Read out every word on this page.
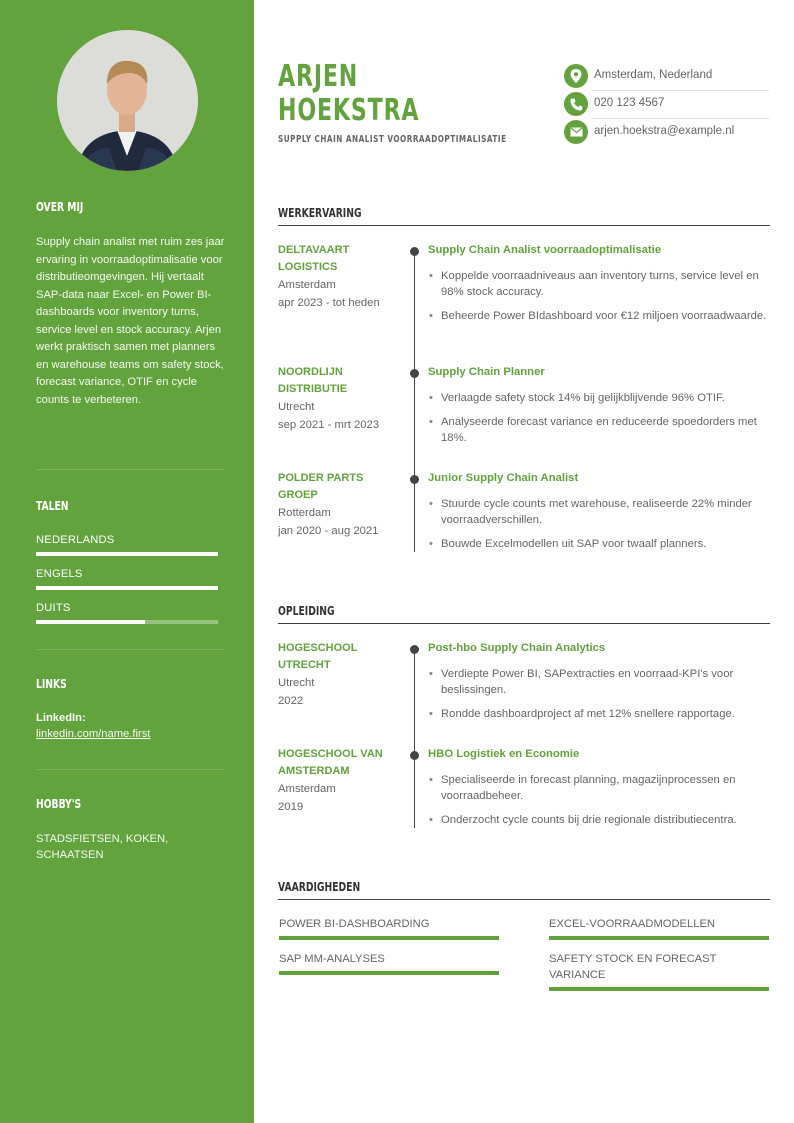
OVER MIJ
Supply chain analist met ruim zes jaar ervaring in voorraadoptimalisatie voor distributieomgevingen. Hij vertaalt SAP-data naar Excel- en Power BI-dashboards voor inventory turns, service level en stock accuracy. Arjen werkt praktisch samen met planners en warehouse teams om safety stock, forecast variance, OTIF en cycle counts te verbeteren.
TALEN
NEDERLANDS
ENGELS
DUITS
LINKS
LinkedIn:
linkedin.com/name.first
HOBBY'S
STADSFIETSEN, KOKEN, SCHAATSEN
ARJEN
HOEKSTRA
SUPPLY CHAIN ANALIST VOORRAADOPTIMALISATIE
Amsterdam, Nederland
020 123 4567
arjen.hoekstra@example.nl
WERKERVARING
DELTAVAART LOGISTICS
Amsterdam
apr 2023 - tot heden
Supply Chain Analist voorraadoptimalisatie
• Koppelde voorraadniveaus aan inventory turns, service level en 98% stock accuracy.
• Beheerde Power BIdashboard voor €12 miljoen voorraadwaarde.
NOORDLIJN DISTRIBUTIE
Utrecht
sep 2021 - mrt 2023
Supply Chain Planner
• Verlaagde safety stock 14% bij gelijkblijvende 96% OTIF.
• Analyseerde forecast variance en reduceerde spoedorders met 18%.
POLDER PARTS GROEP
Rotterdam
jan 2020 - aug 2021
Junior Supply Chain Analist
• Stuurde cycle counts met warehouse, realiseerde 22% minder voorraadverschillen.
• Bouwde Excelmodellen uit SAP voor twaalf planners.
OPLEIDING
HOGESCHOOL UTRECHT
Utrecht
2022
Post-hbo Supply Chain Analytics
• Verdiepte Power BI, SAPextracties en voorraad-KPI's voor beslissingen.
• Rondde dashboardproject af met 12% snellere rapportage.
HOGESCHOOL VAN AMSTERDAM
Amsterdam
2019
HBO Logistiek en Economie
• Specialiseerde in forecast planning, magazijnprocessen en voorraadbeheer.
• Onderzocht cycle counts bij drie regionale distributiecentra.
VAARDIGHEDEN
POWER BI-DASHBOARDING	EXCEL-VOORRAADMODELLEN
SAP MM-ANALYSES	SAFETY STOCK EN FORECAST VARIANCE
